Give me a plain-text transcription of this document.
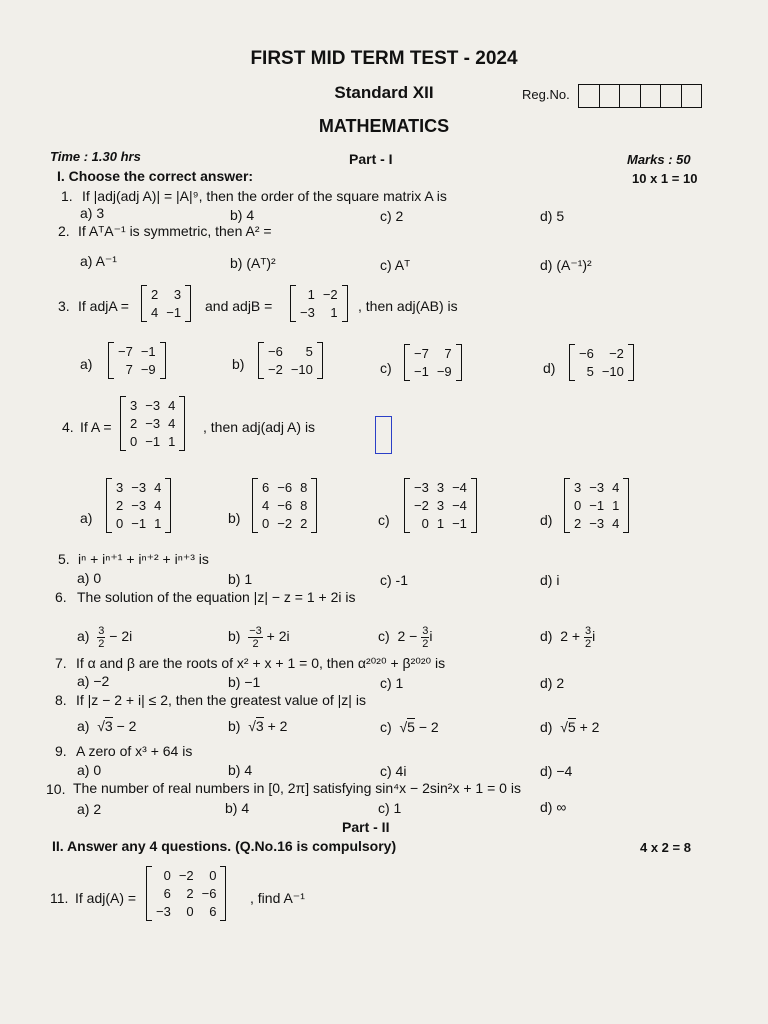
FIRST MID TERM TEST - 2024
Standard XII	Reg.No.
MATHEMATICS
Time : 1.30 hrs	Part - I	Marks : 50
I. Choose the correct answer:	10 x 1 = 10
1. If |adj(adj A)| = |A|⁹, then the order of the square matrix A is
a) 3	b) 4	c) 2	d) 5
2. If AᵀA⁻¹ is symmetric, then A² =
a) A⁻¹	b) (Aᵀ)²	c) Aᵀ	d) (A⁻¹)²
3. If adjA =
2	3
4 −1 and adjB =
1 −2
−3	1 , then adj(AB) is
a)
−7 −1
7 −9	b)
−6	5
−2 −10	c)
−7	7
−1 −9	d)
−6	−2
5 −10
4. If A =
3 −3 4
2 −3 4
0 −1 1
, then adj(adj A) is
a)
3 −3 4
2 −3 4
0 −1 1	b)
6 −6 8
4 −6 8
0 −2 2	c)
−3 3 −4
−2 3 −4
0 1 −1	d)
3 −3 4
0 −1 1
2 −3 4
5. iⁿ + iⁿ⁺¹ + iⁿ⁺² + iⁿ⁺³ is
a) 0	b) 1	c) -1	d) i
6. The solution of the equation |z| − z = 1 + 2i is
$a) \frac{3}{2} - 2i$	$b) \frac{-3}{2} + 2i$	c) $2 - \frac{3}{2}$ i	d) $2 + \frac{3}{2}$ i
7. If α and β are the roots of x² + x + 1 = 0, then α²⁰²⁰ + β²⁰²⁰ is
a) −2	b) −1	c) 1	d) 2
8. If |z − 2 + i| ≤ 2, then the greatest value of |z| is
a)  √3 − 2	b)  √3 + 2	c)  √5 − 2	d)  √5 + 2
9. A zero of x³ + 64 is
a) 0	b) 4	c) 4i	d) −4
10. The number of real numbers in [0, 2π] satisfying sin⁴x − 2sin²x + 1 = 0 is
a) 2	b) 4	c) 1	d) ∞
Part - II
II. Answer any 4 questions. (Q.No.16 is compulsory)	4 x 2 = 8
11. If adj(A) =
0 −2	0
6	2 −6
−3	0	6
, find A⁻¹
